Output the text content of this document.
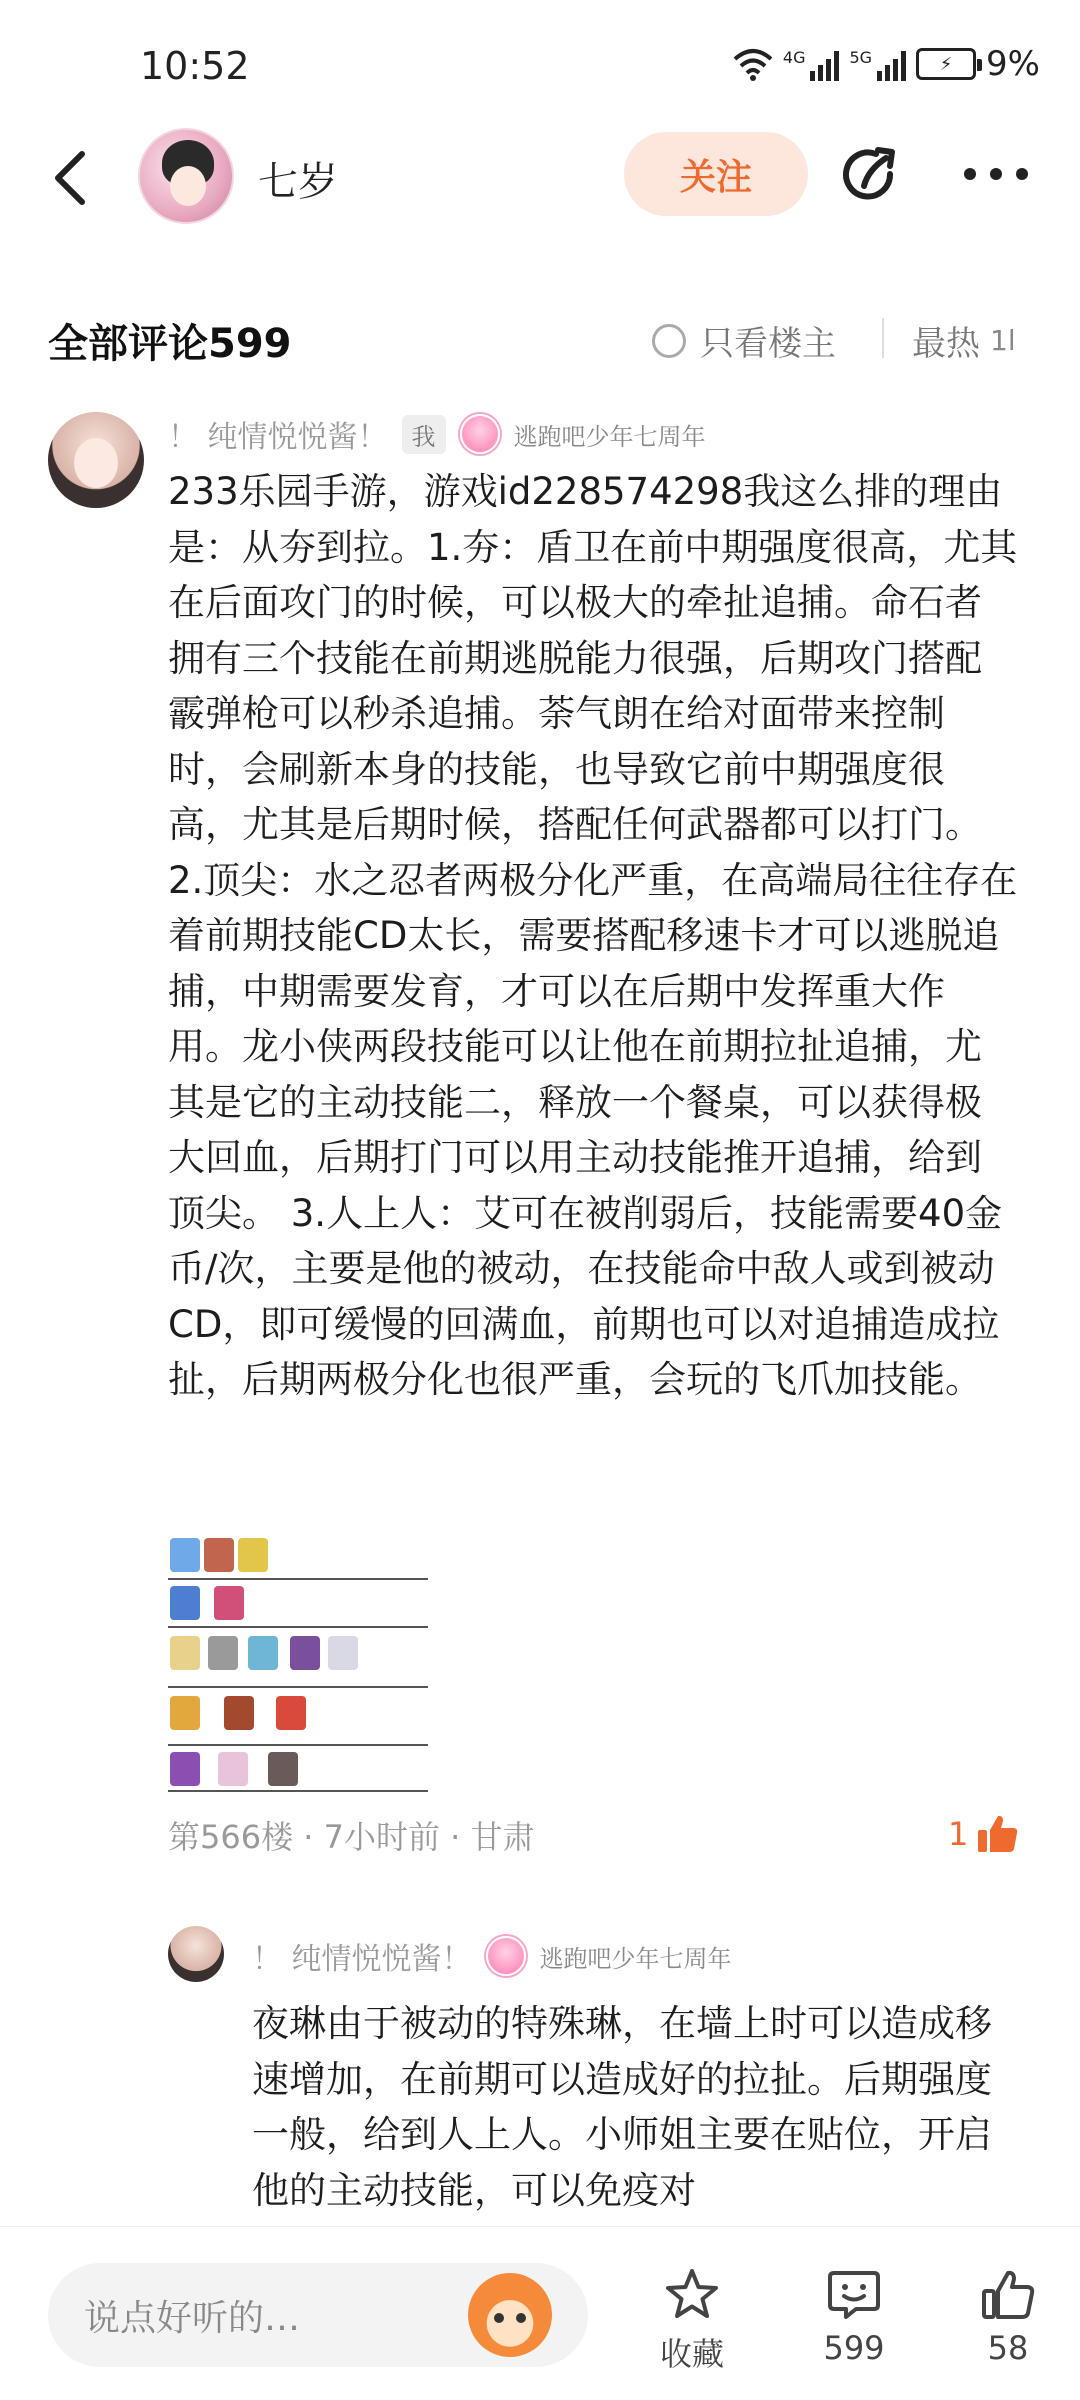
10:52	4G	5G	⚡ 9%
七岁	关注
全部评论599	只看楼主 最热 1l
！ 纯情悦悦酱！	我	逃跑吧少年七周年
233乐园手游，游戏id228574298我这么排的理由是：从夯到拉。1.夯：盾卫在前中期强度很高，尤其在后面攻门的时候，可以极大的牵扯追捕。命石者拥有三个技能在前期逃脱能力很强，后期攻门搭配霰弹枪可以秒杀追捕。荼气朗在给对面带来控制时，会刷新本身的技能，也导致它前中期强度很高，尤其是后期时候，搭配任何武器都可以打门。 2.顶尖：水之忍者两极分化严重，在高端局往往存在着前期技能CD太长，需要搭配移速卡才可以逃脱追捕，中期需要发育，才可以在后期中发挥重大作用。龙小侠两段技能可以让他在前期拉扯追捕，尤其是它的主动技能二，释放一个餐桌，可以获得极大回血，后期打门可以用主动技能推开追捕，给到顶尖。 3.人上人：艾可在被削弱后，技能需要40金币/次，主要是他的被动，在技能命中敌人或到被动CD，即可缓慢的回满血，前期也可以对追捕造成拉扯，后期两极分化也很严重，会玩的飞爪加技能。
第566楼 · 7小时前 · 甘肃	1
！ 纯情悦悦酱！	逃跑吧少年七周年
夜琳由于被动的特殊琳，在墙上时可以造成移速增加，在前期可以造成好的拉扯。后期强度一般，给到人上人。小师姐主要在贴位，开启他的主动技能，可以免疫对
说点好听的…
收藏	599	58
